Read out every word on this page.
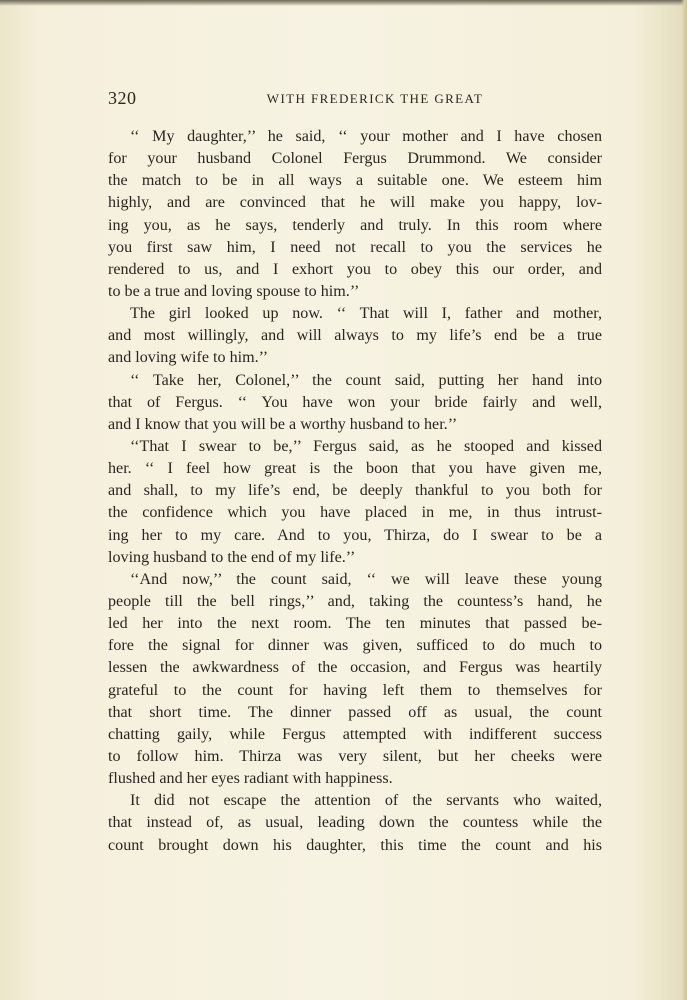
320	WITH FREDERICK THE GREAT
‘‘ My daughter,’’ he said, ‘‘ your mother and I have chosen
for your husband Colonel Fergus Drummond. We consider
the match to be in all ways a suitable one. We esteem him
highly, and are convinced that he will make you happy, lov-
ing you, as he says, tenderly and truly. In this room where
you first saw him, I need not recall to you the services he
rendered to us, and I exhort you to obey this our order, and
to be a true and loving spouse to him.’’
The girl looked up now. ‘‘ That will I, father and mother,
and most willingly, and will always to my life’s end be a true
and loving wife to him.’’
‘‘ Take her, Colonel,’’ the count said, putting her hand into
that of Fergus. ‘‘ You have won your bride fairly and well,
and I know that you will be a worthy husband to her.’’
‘‘That I swear to be,’’ Fergus said, as he stooped and kissed
her. ‘‘ I feel how great is the boon that you have given me,
and shall, to my life’s end, be deeply thankful to you both for
the confidence which you have placed in me, in thus intrust-
ing her to my care. And to you, Thirza, do I swear to be a
loving husband to the end of my life.’’
‘‘And now,’’ the count said, ‘‘ we will leave these young
people till the bell rings,’’ and, taking the countess’s hand, he
led her into the next room. The ten minutes that passed be-
fore the signal for dinner was given, sufficed to do much to
lessen the awkwardness of the occasion, and Fergus was heartily
grateful to the count for having left them to themselves for
that short time. The dinner passed off as usual, the count
chatting gaily, while Fergus attempted with indifferent success
to follow him. Thirza was very silent, but her cheeks were
flushed and her eyes radiant with happiness.
It did not escape the attention of the servants who waited,
that instead of, as usual, leading down the countess while the
count brought down his daughter, this time the count and his
